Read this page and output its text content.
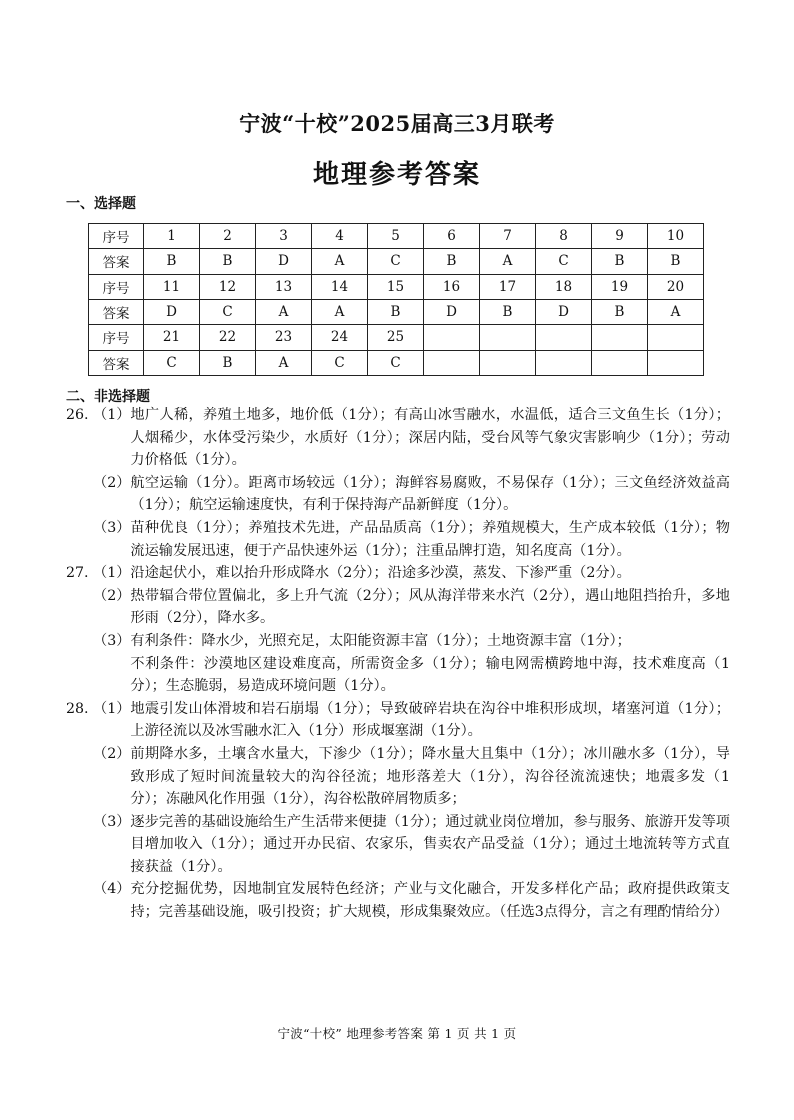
宁波“十校”2025届高三3月联考
地理参考答案
一、选择题
序号	1	2	3	4	5	6	7	8	9	10
答案	B	B	D	A	C	B	A	C	B	B
序号	11	12	13	14	15	16	17	18	19	20
答案	D	C	A	A	B	D	B	D	B	A
序号	21	22	23	24	25					
答案	C	B	A	C	C					
二、非选择题
26. （1） 地广人稀，养殖土地多，地价低（1分）；有高山冰雪融水，水温低，适合三文鱼生长（1分）；人烟稀少，水体受污染少，水质好（1分）；深居内陆，受台风等气象灾害影响少（1分）；劳动力价格低（1分）。
（2） 航空运输（1分）。距离市场较远（1分）；海鲜容易腐败，不易保存（1分）；三文鱼经济效益高（1分）；航空运输速度快，有利于保持海产品新鲜度（1分）。
（3） 苗种优良（1分）；养殖技术先进，产品品质高（1分）；养殖规模大，生产成本较低（1分）；物流运输发展迅速，便于产品快速外运（1分）；注重品牌打造，知名度高（1分）。
27. （1） 沿途起伏小，难以抬升形成降水（2分）；沿途多沙漠，蒸发、下渗严重（2分）。
（2） 热带辐合带位置偏北，多上升气流（2分）；风从海洋带来水汽（2分），遇山地阻挡抬升，多地形雨（2分），降水多。
（3） 有利条件：降水少，光照充足，太阳能资源丰富（1分）；土地资源丰富（1分）；
不利条件：沙漠地区建设难度高，所需资金多（1分）；输电网需横跨地中海，技术难度高（1分）；生态脆弱，易造成环境问题（1分）。
28. （1） 地震引发山体滑坡和岩石崩塌（1分）；导致破碎岩块在沟谷中堆积形成坝，堵塞河道（1分）；上游径流以及冰雪融水汇入（1分）形成堰塞湖（1分）。
（2） 前期降水多，土壤含水量大，下渗少（1分）；降水量大且集中（1分）；冰川融水多（1分），导致形成了短时间流量较大的沟谷径流；地形落差大（1分），沟谷径流流速快；地震多发（1分）；冻融风化作用强（1分），沟谷松散碎屑物质多；
（3） 逐步完善的基础设施给生产生活带来便捷（1分）；通过就业岗位增加，参与服务、旅游开发等项目增加收入（1分）；通过开办民宿、农家乐，售卖农产品受益（1分）；通过土地流转等方式直接获益（1分）。
（4） 充分挖掘优势，因地制宜发展特色经济；产业与文化融合，开发多样化产品；政府提供政策支持；完善基础设施，吸引投资；扩大规模，形成集聚效应。（任选3点得分，言之有理酌情给分）
宁波“十校” 地理参考答案 第 1 页 共 1 页
